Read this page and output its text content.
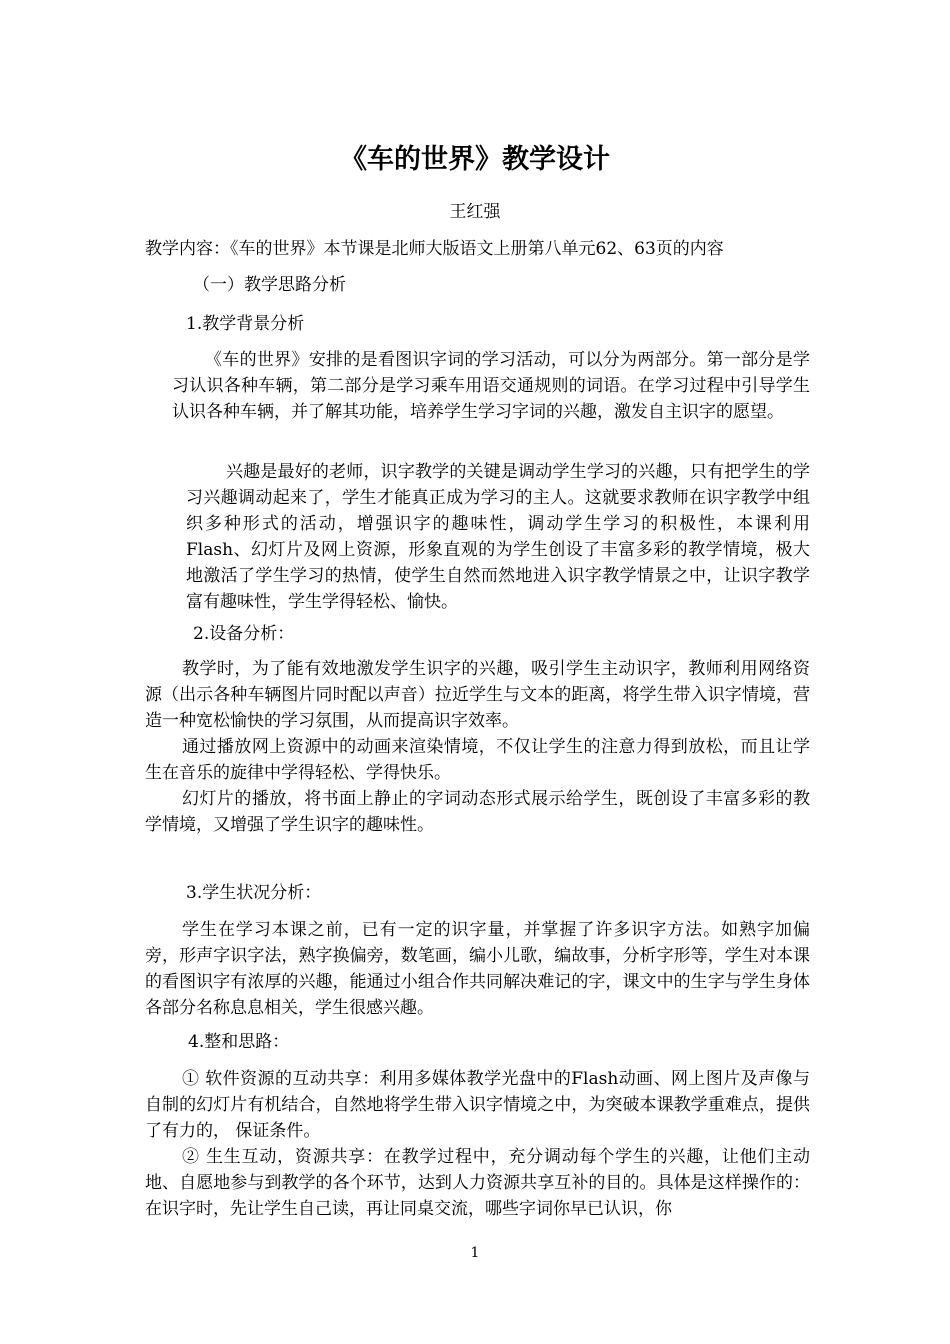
《车的世界》教学设计

王红强

教学内容：《车的世界》本节课是北师大版语文上册第八单元62、63页的内容

（一）教学思路分析

1.教学背景分析

《车的世界》安排的是看图识字词的学习活动，可以分为两部分。第一部分是学习认识各种车辆，第二部分是学习乘车用语交通规则的词语。在学习过程中引导学生认识各种车辆，并了解其功能，培养学生学习字词的兴趣，激发自主识字的愿望。

兴趣是最好的老师，识字教学的关键是调动学生学习的兴趣，只有把学生的学习兴趣调动起来了，学生才能真正成为学习的主人。这就要求教师在识字教学中组织多种形式的活动，增强识字的趣味性，调动学生学习的积极性，本课利用Flash、幻灯片及网上资源，形象直观的为学生创设了丰富多彩的教学情境，极大地激活了学生学习的热情，使学生自然而然地进入识字教学情景之中，让识字教学富有趣味性，学生学得轻松、愉快。

2.设备分析：

教学时，为了能有效地激发学生识字的兴趣，吸引学生主动识字，教师利用网络资源（出示各种车辆图片同时配以声音）拉近学生与文本的距离，将学生带入识字情境，营造一种宽松愉快的学习氛围，从而提高识字效率。

通过播放网上资源中的动画来渲染情境，不仅让学生的注意力得到放松，而且让学生在音乐的旋律中学得轻松、学得快乐。

幻灯片的播放，将书面上静止的字词动态形式展示给学生，既创设了丰富多彩的教学情境，又增强了学生识字的趣味性。

3.学生状况分析：

学生在学习本课之前，已有一定的识字量，并掌握了许多识字方法。如熟字加偏旁，形声字识字法，熟字换偏旁，数笔画，编小儿歌，编故事，分析字形等，学生对本课的看图识字有浓厚的兴趣，能通过小组合作共同解决难记的字，课文中的生字与学生身体各部分名称息息相关，学生很感兴趣。

4.整和思路：

① 软件资源的互动共享：利用多媒体教学光盘中的Flash动画、网上图片及声像与自制的幻灯片有机结合，自然地将学生带入识字情境之中，为突破本课教学重难点，提供了有力的， 保证条件。

② 生生互动，资源共享：在教学过程中，充分调动每个学生的兴趣，让他们主动地、自愿地参与到教学的各个环节，达到人力资源共享互补的目的。具体是这样操作的：在识字时，先让学生自己读，再让同桌交流，哪些字词你早已认识，你

1
